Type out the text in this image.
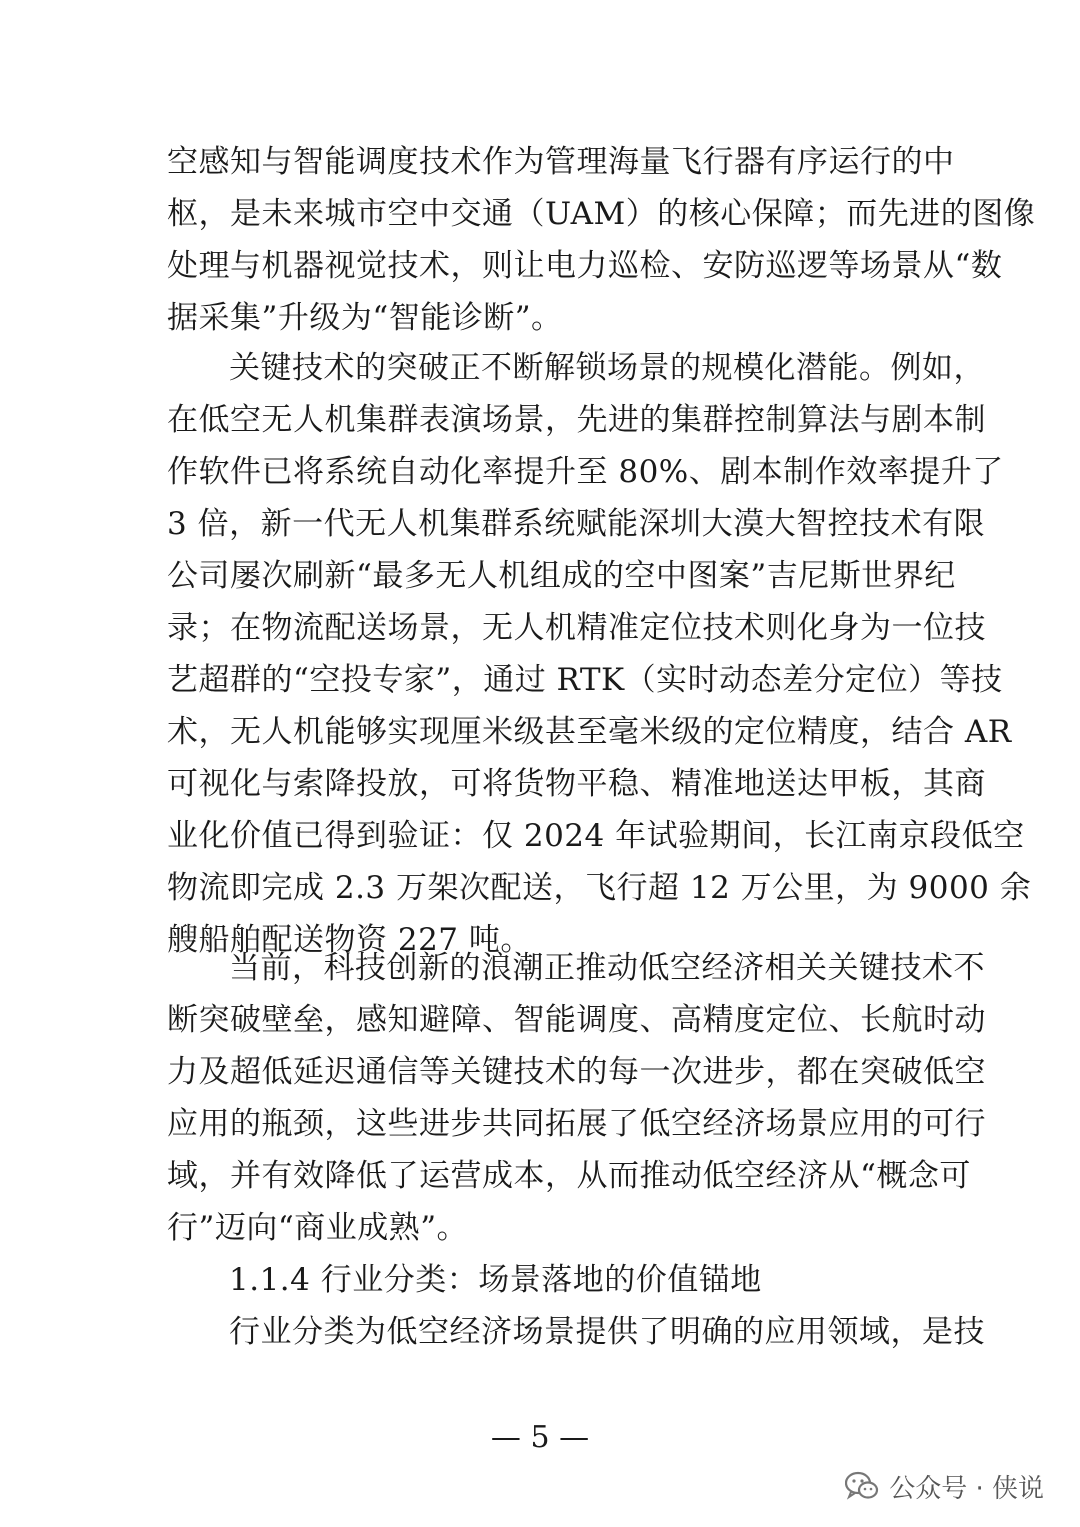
空感知与智能调度技术作为管理海量飞行器有序运行的中
枢，是未来城市空中交通（UAM）的核心保障；而先进的图像
处理与机器视觉技术，则让电力巡检、安防巡逻等场景从“数
据采集”升级为“智能诊断”。
关键技术的突破正不断解锁场景的规模化潜能。例如，
在低空无人机集群表演场景，先进的集群控制算法与剧本制
作软件已将系统自动化率提升至 80%、剧本制作效率提升了
3 倍，新一代无人机集群系统赋能深圳大漠大智控技术有限
公司屡次刷新“最多无人机组成的空中图案”吉尼斯世界纪
录；在物流配送场景，无人机精准定位技术则化身为一位技
艺超群的“空投专家”，通过 RTK（实时动态差分定位）等技
术，无人机能够实现厘米级甚至毫米级的定位精度，结合 AR
可视化与索降投放，可将货物平稳、精准地送达甲板，其商
业化价值已得到验证：仅 2024 年试验期间，长江南京段低空
物流即完成 2.3 万架次配送，飞行超 12 万公里，为 9000 余
艘船舶配送物资 227 吨。
当前，科技创新的浪潮正推动低空经济相关关键技术不
断突破壁垒，感知避障、智能调度、高精度定位、长航时动
力及超低延迟通信等关键技术的每一次进步，都在突破低空
应用的瓶颈，这些进步共同拓展了低空经济场景应用的可行
域，并有效降低了运营成本，从而推动低空经济从“概念可
行”迈向“商业成熟”。
1.1.4 行业分类：场景落地的价值锚地
行业分类为低空经济场景提供了明确的应用领域，是技
— 5 —
公众号 · 侠说
